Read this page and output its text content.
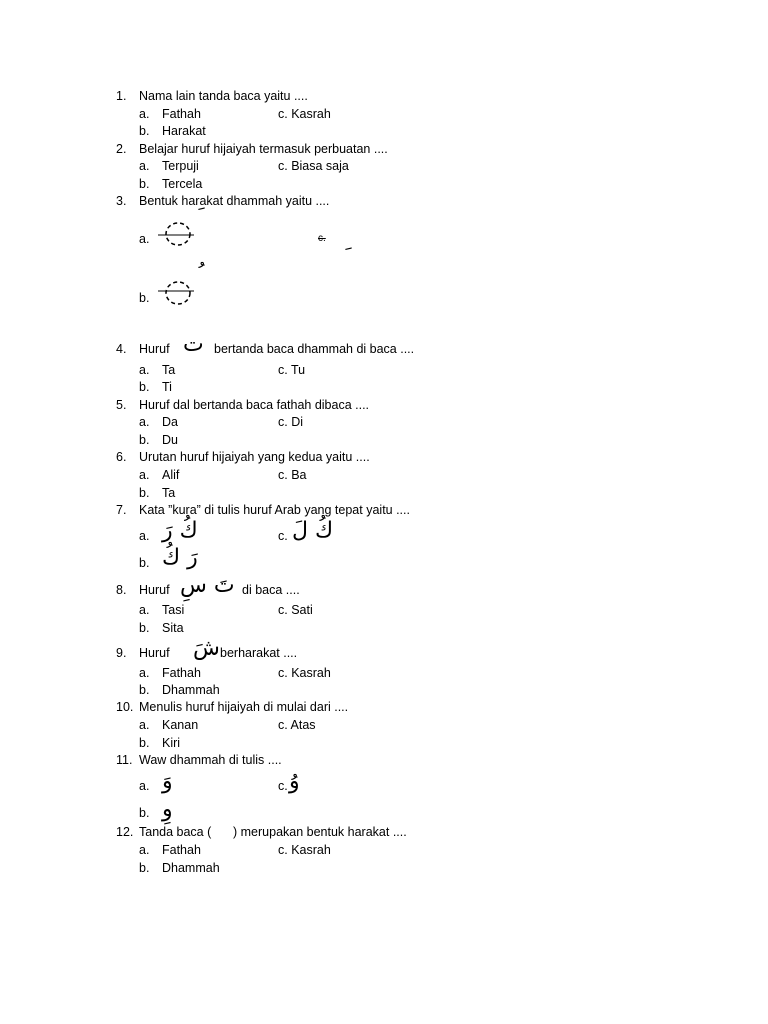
1. Nama lain tanda baca yaitu ....
a. Fathah	c. Kasrah
b. Harakat
2. Belajar huruf hijaiyah termasuk perbuatan ....
a. Terpuji	c. Biasa saja
b. Tercela
3. Bentuk harakat dhammah yaitu ....
a.	c.
b.
4. Huruf ت bertanda baca dhammah di baca ....
a. Ta	c. Tu
b. Ti
5. Huruf dal bertanda baca fathah dibaca ....
a. Da	c. Di
b. Du
6. Urutan huruf hijaiyah yang kedua yaitu ....
a. Alif	c. Ba
b. Ta
7. Kata ”kura” di tulis huruf Arab yang tepat yaitu ....
a. كُ رَ	c. كُ لَ
b. رَ كُ
8. Huruf تَ سِ di baca ....
a. Tasi	c. Sati
b. Sita
9. Huruf شَ berharakat ....
a. Fathah	c. Kasrah
b. Dhammah
10. Menulis huruf hijaiyah di mulai dari ....
a. Kanan	c. Atas
b. Kiri
11. Waw dhammah di tulis ....
a. وَ	c. وُ
b. وِ
12. Tanda baca ( ) merupakan bentuk harakat ....
a. Fathah	c. Kasrah
b. Dhammah
